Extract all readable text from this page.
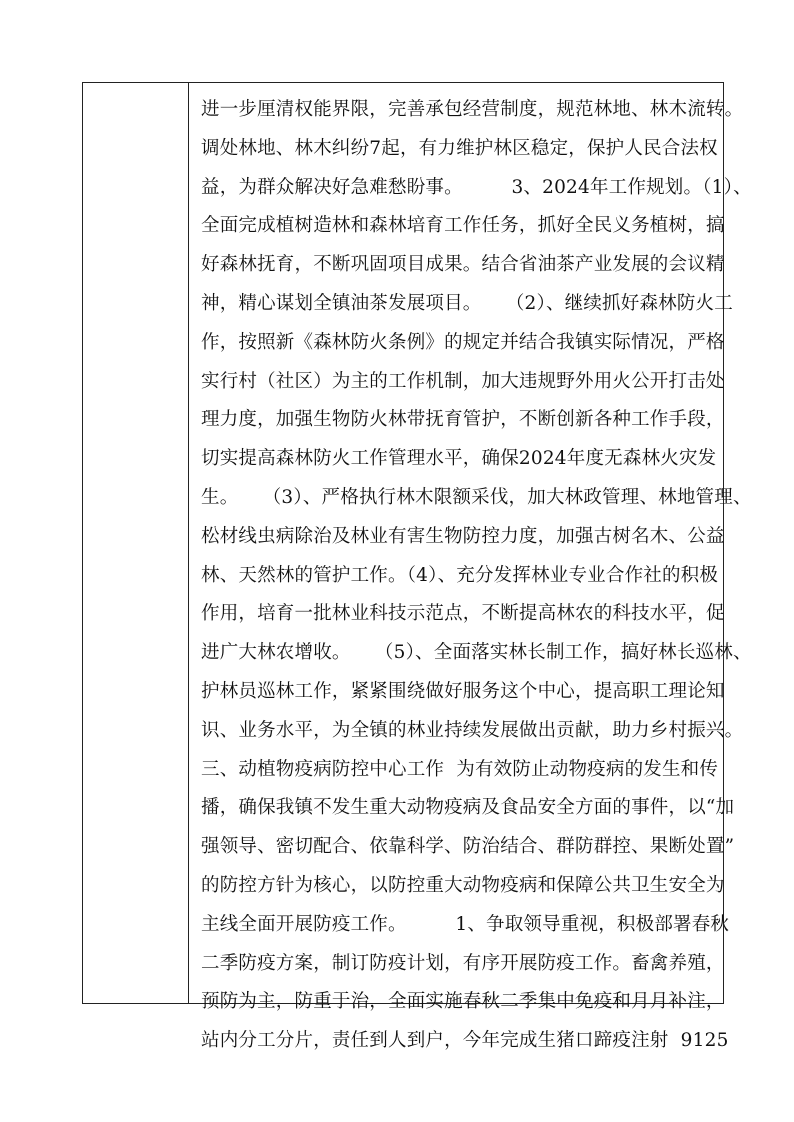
进一步厘清权能界限，完善承包经营制度，规范林地、林木流转。
调处林地、林木纠纷7起，有力维护林区稳定，保护人民合法权
益，为群众解决好急难愁盼事。        3、2024年工作规划。（1）、
全面完成植树造林和森林培育工作任务，抓好全民义务植树，搞
好森林抚育，不断巩固项目成果。结合省油茶产业发展的会议精
神，精心谋划全镇油茶发展项目。    （2）、继续抓好森林防火工
作，按照新《森林防火条例》的规定并结合我镇实际情况，严格
实行村（社区）为主的工作机制，加大违规野外用火公开打击处
理力度，加强生物防火林带抚育管护，不断创新各种工作手段，
切实提高森林防火工作管理水平，确保2024年度无森林火灾发
生。    （3）、严格执行林木限额采伐，加大林政管理、林地管理、
松材线虫病除治及林业有害生物防控力度，加强古树名木、公益
林、天然林的管护工作。（4）、充分发挥林业专业合作社的积极
作用，培育一批林业科技示范点，不断提高林农的科技水平，促
进广大林农增收。    （5）、全面落实林长制工作，搞好林长巡林、
护林员巡林工作，紧紧围绕做好服务这个中心，提高职工理论知
识、业务水平，为全镇的林业持续发展做出贡献，助力乡村振兴。
三、动植物疫病防控中心工作  为有效防止动物疫病的发生和传
播，确保我镇不发生重大动物疫病及食品安全方面的事件，以“加
强领导、密切配合、依靠科学、防治结合、群防群控、果断处置”
的防控方针为核心，以防控重大动物疫病和保障公共卫生安全为
主线全面开展防疫工作。        1、争取领导重视，积极部署春秋
二季防疫方案，制订防疫计划，有序开展防疫工作。畜禽养殖，
预防为主，防重于治，全面实施春秋二季集中免疫和月月补注，
站内分工分片，责任到人到户，今年完成生猪口蹄疫注射  9125
